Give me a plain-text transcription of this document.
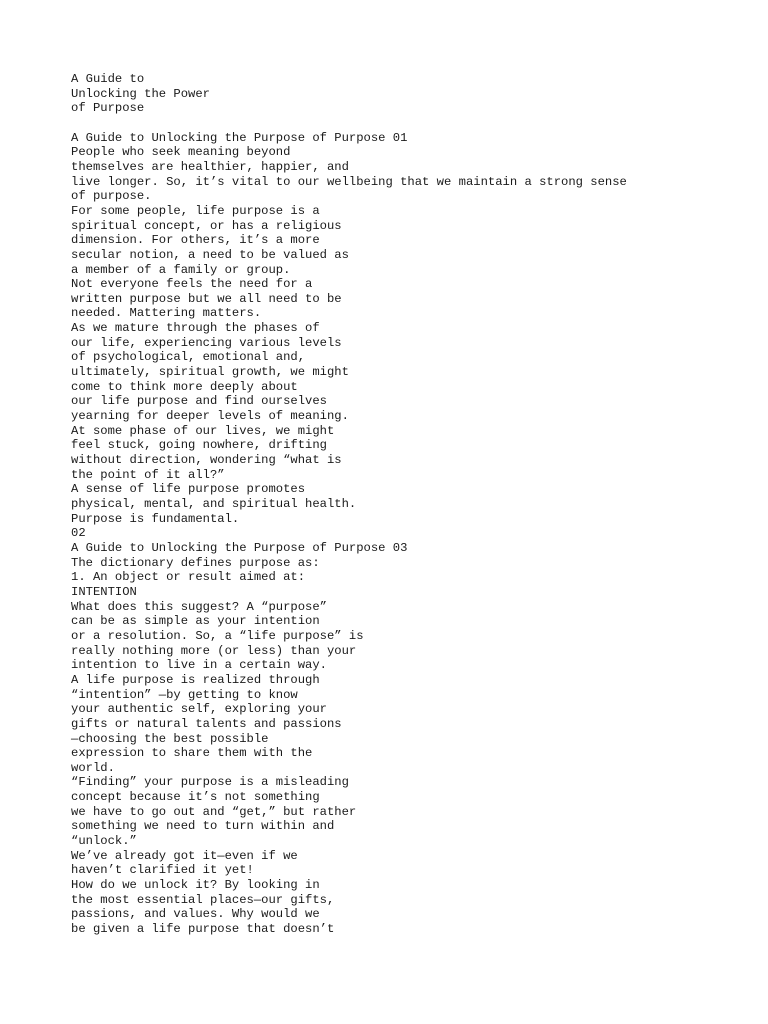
A Guide to
Unlocking the Power
of Purpose
A Guide to Unlocking the Purpose of Purpose 01
People who seek meaning beyond
themselves are healthier, happier, and
live longer. So, it’s vital to our wellbeing that we maintain a strong sense
of purpose.
For some people, life purpose is a
spiritual concept, or has a religious
dimension. For others, it’s a more
secular notion, a need to be valued as
a member of a family or group.
Not everyone feels the need for a
written purpose but we all need to be
needed. Mattering matters.
As we mature through the phases of
our life, experiencing various levels
of psychological, emotional and,
ultimately, spiritual growth, we might
come to think more deeply about
our life purpose and find ourselves
yearning for deeper levels of meaning.
At some phase of our lives, we might
feel stuck, going nowhere, drifting
without direction, wondering “what is
the point of it all?”
A sense of life purpose promotes
physical, mental, and spiritual health.
Purpose is fundamental.
02
A Guide to Unlocking the Purpose of Purpose 03
The dictionary defines purpose as:
1. An object or result aimed at:
INTENTION
What does this suggest? A “purpose”
can be as simple as your intention
or a resolution. So, a “life purpose” is
really nothing more (or less) than your
intention to live in a certain way.
A life purpose is realized through
“intention” —by getting to know
your authentic self, exploring your
gifts or natural talents and passions
—choosing the best possible
expression to share them with the
world.
“Finding” your purpose is a misleading
concept because it’s not something
we have to go out and “get,” but rather
something we need to turn within and
“unlock.”
We’ve already got it—even if we
haven’t clarified it yet!
How do we unlock it? By looking in
the most essential places—our gifts,
passions, and values. Why would we
be given a life purpose that doesn’t
